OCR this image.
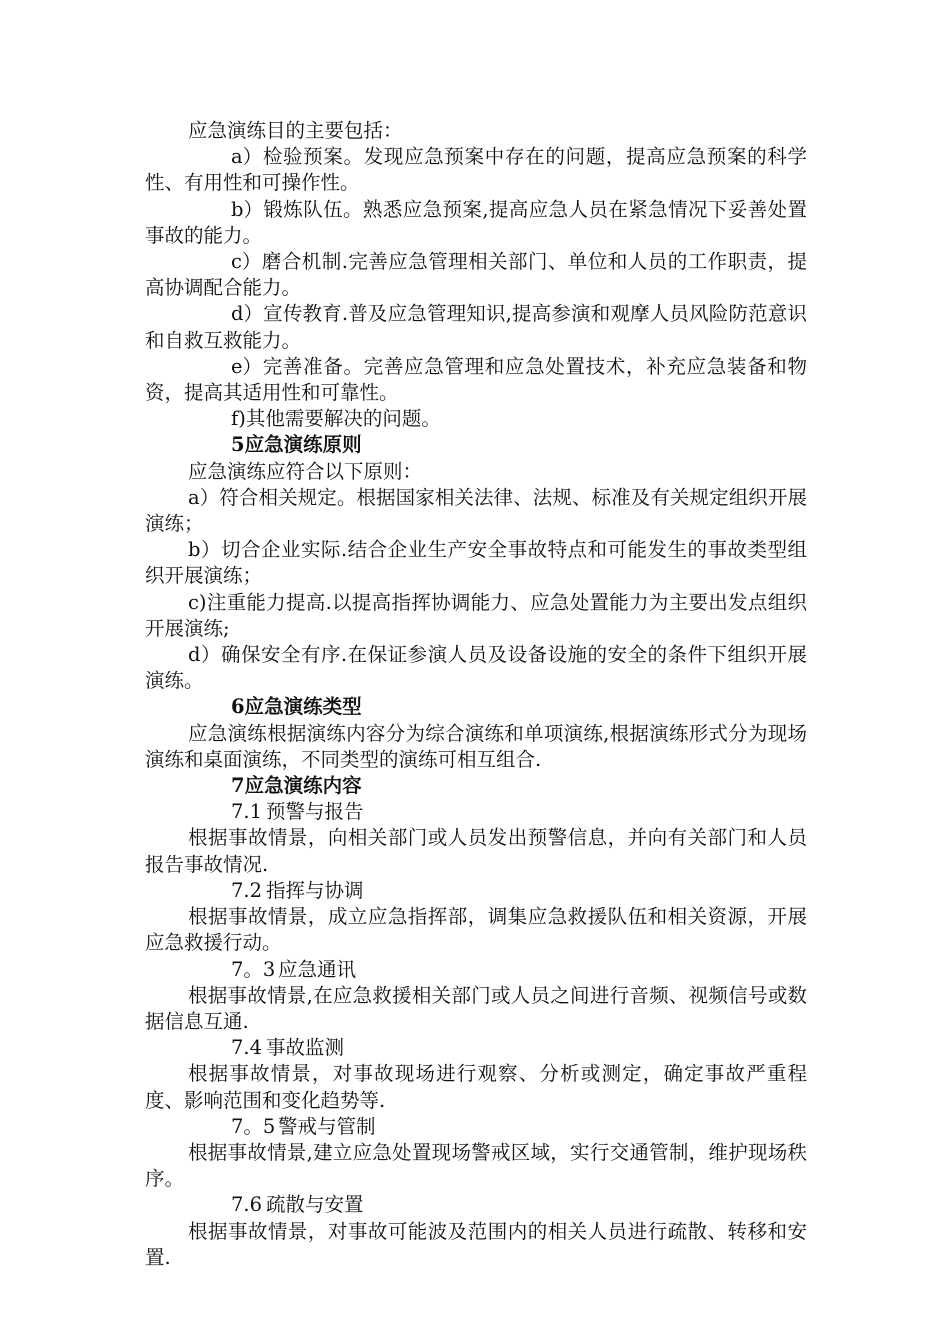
应急演练目的主要包括：

a）检验预案。发现应急预案中存在的问题，提高应急预案的科学性、有用性和可操作性。

b）锻炼队伍。熟悉应急预案,提高应急人员在紧急情况下妥善处置事故的能力。

c）磨合机制.完善应急管理相关部门、单位和人员的工作职责，提高协调配合能力。

d）宣传教育.普及应急管理知识,提高参演和观摩人员风险防范意识和自救互救能力。

e）完善准备。完善应急管理和应急处置技术，补充应急装备和物资，提高其适用性和可靠性。

f)其他需要解决的问题。

5应急演练原则

应急演练应符合以下原则：

a）符合相关规定。根据国家相关法律、法规、标准及有关规定组织开展演练；

b）切合企业实际.结合企业生产安全事故特点和可能发生的事故类型组织开展演练；

c)注重能力提高.以提高指挥协调能力、应急处置能力为主要出发点组织开展演练;

d）确保安全有序.在保证参演人员及设备设施的安全的条件下组织开展演练。

6应急演练类型

应急演练根据演练内容分为综合演练和单项演练,根据演练形式分为现场演练和桌面演练，不同类型的演练可相互组合.

7应急演练内容

7.1 预警与报告

根据事故情景，向相关部门或人员发出预警信息，并向有关部门和人员报告事故情况.

7.2 指挥与协调

根据事故情景，成立应急指挥部，调集应急救援队伍和相关资源，开展应急救援行动。

7。3 应急通讯

根据事故情景,在应急救援相关部门或人员之间进行音频、视频信号或数据信息互通.

7.4 事故监测

根据事故情景，对事故现场进行观察、分析或测定，确定事故严重程度、影响范围和变化趋势等.

7。5 警戒与管制

根据事故情景,建立应急处置现场警戒区域，实行交通管制，维护现场秩序。

7.6 疏散与安置

根据事故情景，对事故可能波及范围内的相关人员进行疏散、转移和安置.
